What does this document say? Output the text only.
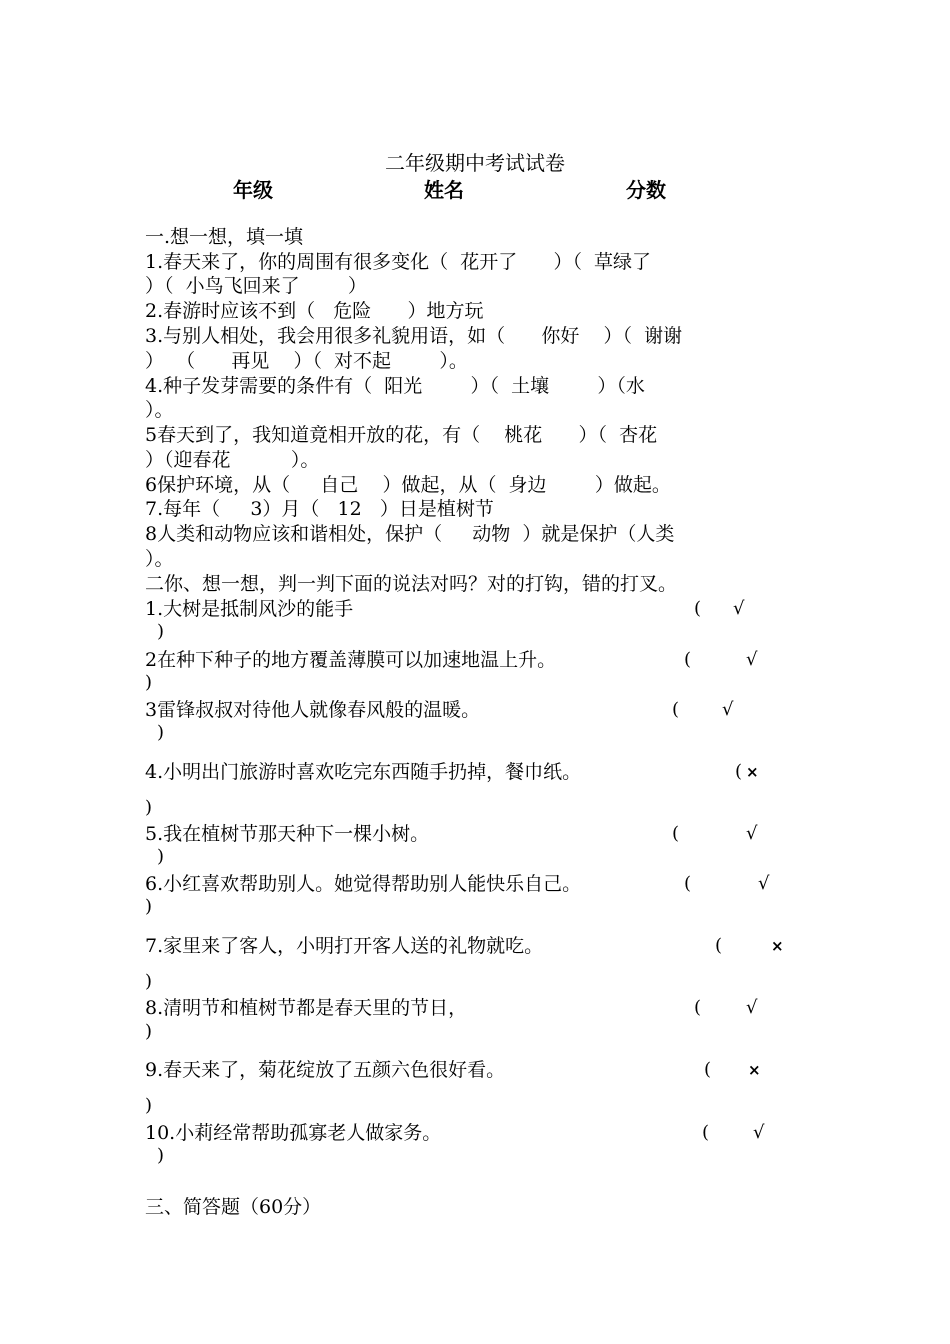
二年级期中考试试卷
年级	姓名	分数
一.想一想，填一填
1.春天来了，你的周围有很多变化（  花开了      ）（  草绿了
）（  小鸟飞回来了        ）
2.春游时应该不到（   危险      ）地方玩
3.与别人相处，我会用很多礼貌用语，如（      你好    ）（  谢谢
）  （      再见    ）（  对不起        ）。
4.种子发芽需要的条件有（  阳光        ）（  土壤        ）（水
）。
5春天到了，我知道竟相开放的花，有（    桃花      ）（  杏花
）（迎春花          ）。
6保护环境，从（     自己    ）做起，从（  身边        ）做起。
7.每年（     3）月（   12   ）日是植树节
8人类和动物应该和谐相处，保护（     动物  ）就是保护（人类
）。
二你、想一想，判一判下面的说法对吗？对的打钩，错的打叉。
1.大树是抵制风沙的能手	( √
)
2在种下种子的地方覆盖薄膜可以加速地温上升。	(	√
)
3雷锋叔叔对待他人就像春风般的温暖。	( √
)
4.小明出门旅游时喜欢吃完东西随手扔掉，餐巾纸。	( ×
)
5.我在植树节那天种下一棵小树。	(	√
)
6.小红喜欢帮助别人。她觉得帮助别人能快乐自己。	(	√
)
7.家里来了客人，小明打开客人送的礼物就吃。	(	×
)
8.清明节和植树节都是春天里的节日，	( √
)
9.春天来了，菊花绽放了五颜六色很好看。	( ×
)
10.小莉经常帮助孤寡老人做家务。	( √
)
三、简答题（60分）
